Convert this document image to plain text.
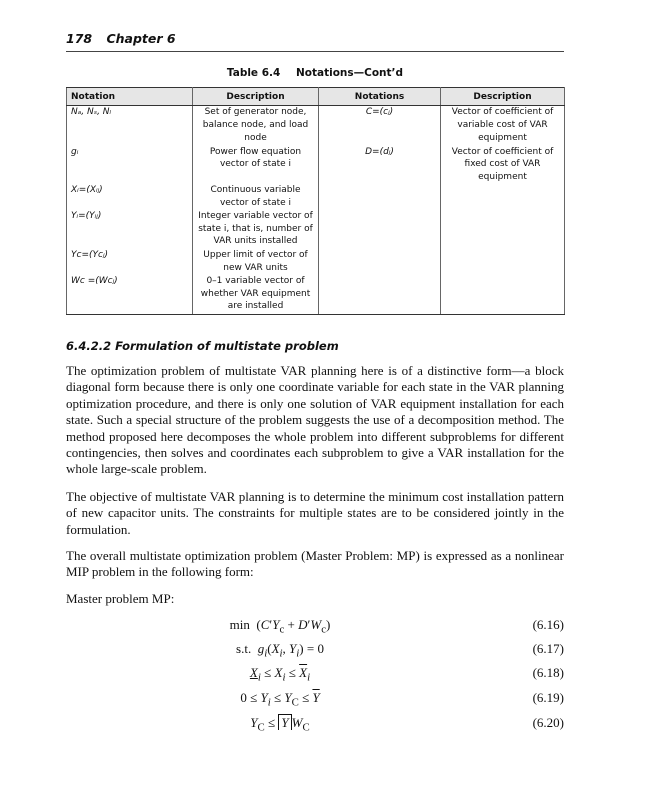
178 Chapter 6
Table 6.4 Notations—Cont’d
Notation	Description	Notations	Description
Nₐ, Nₛ, Nₗ	Set of generator node, balance node, and load node	C=(cⱼ)	Vector of coefficient of variable cost of VAR equipment
gᵢ	Power flow equation vector of state i	D=(dⱼ)	Vector of coefficient of fixed cost of VAR equipment
Xᵢ=(Xᵢⱼ)	Continuous variable vector of state i		
Yᵢ=(Yᵢⱼ)	Integer variable vector of state i, that is, number of VAR units installed		
Yᴄ=(Yᴄⱼ)	Upper limit of vector of new VAR units		
Wᴄ =(Wᴄⱼ)	0–1 variable vector of whether VAR equipment are installed		
6.4.2.2 Formulation of multistate problem
The optimization problem of multistate VAR planning here is of a distinctive form—a block diagonal form because there is only one coordinate variable for each state in the VAR planning optimization procedure, and there is only one solution of VAR equipment installation for each state. Such a special structure of the problem suggests the use of a decomposition method. The method proposed here decomposes the whole problem into different subproblems for different contingencies, then solves and coordinates each subproblem to give a VAR installation for the whole large-scale problem.
The objective of multistate VAR planning is to determine the minimum cost installation pattern of new capacitor units. The constraints for multiple states are to be considered jointly in the formulation.
The overall multistate optimization problem (Master Problem: MP) is expressed as a nonlinear MIP problem in the following form:
Master problem MP:
$\min (C'Y_c + D'W_c)$	(6.16)
s.t.  $g_i(X_i$, $Y_i) = 0$	(6.17)
$X_i \le X_i \le \overline{X}_i$	(6.18)
$0 \le Y_i \le Y_C \le \overline{Y}$	(6.19)
$Y_C \le \overline{Y}$ $W_C$	(6.20)
